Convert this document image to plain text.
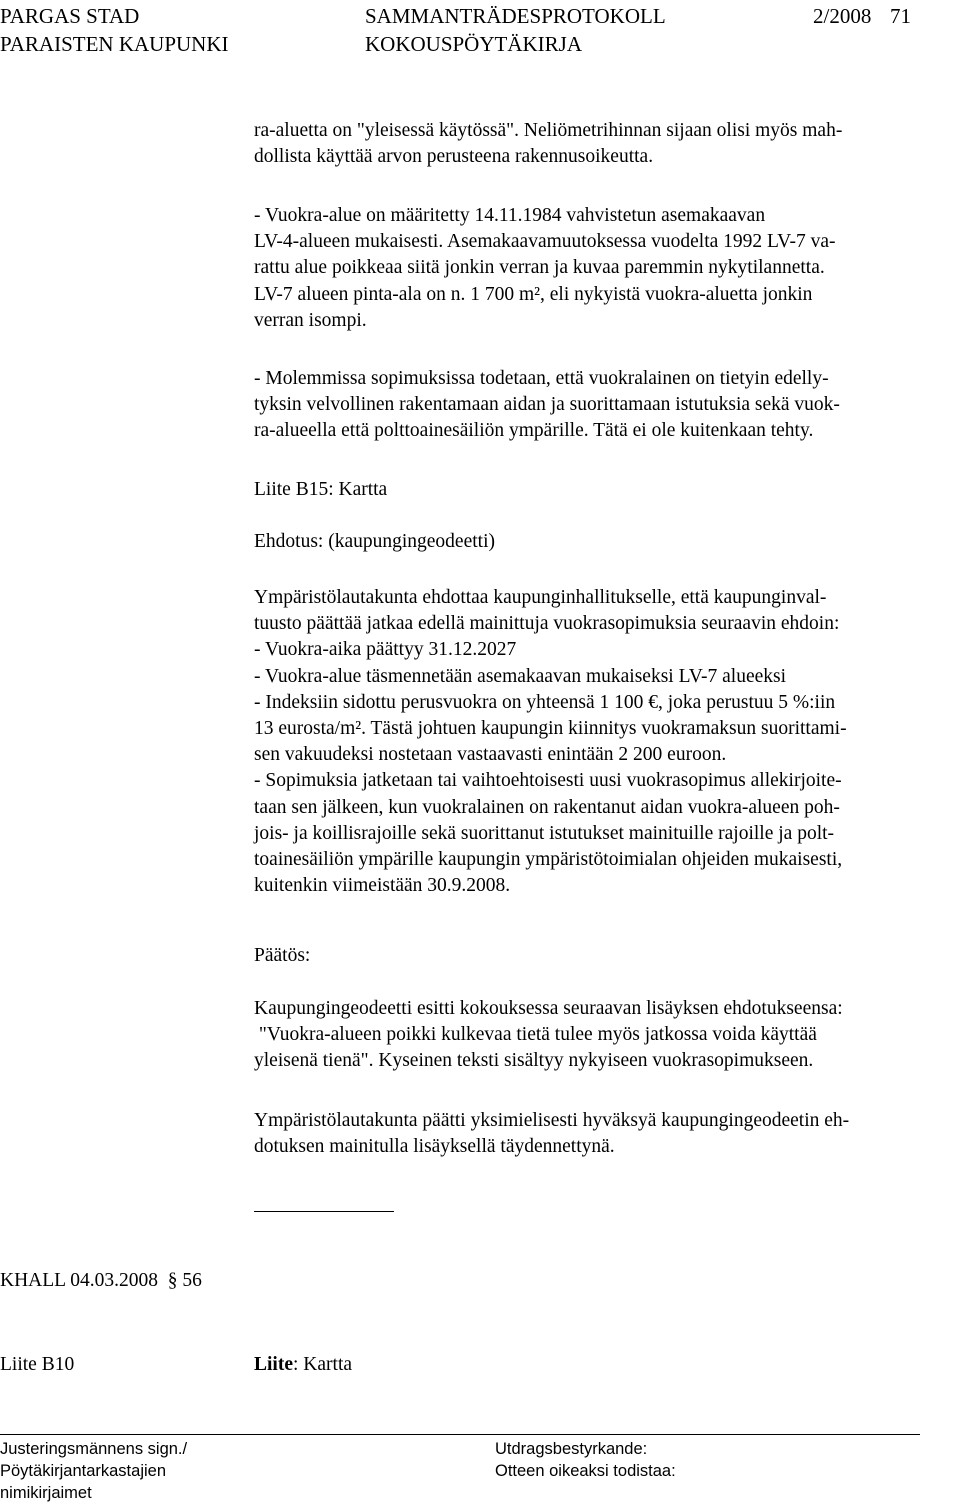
PARGAS STAD
PARAISTEN KAUPUNKI
SAMMANTRÄDESPROTOKOLL
KOKOUSPÖYTÄKIRJA
2/2008 71
ra-aluetta on "yleisessä käytössä". Neliömetrihinnan sijaan olisi myös mah-
dollista käyttää arvon perusteena rakennusoikeutta.
- Vuokra-alue on määritetty 14.11.1984 vahvistetun asemakaavan
LV-4-alueen mukaisesti. Asemakaavamuutoksessa vuodelta 1992 LV-7 va-
rattu alue poikkeaa siitä jonkin verran ja kuvaa paremmin nykytilannetta.
LV-7 alueen pinta-ala on n. 1 700 m², eli nykyistä vuokra-aluetta jonkin
verran isompi.
- Molemmissa sopimuksissa todetaan, että vuokralainen on tietyin edelly-
tyksin velvollinen rakentamaan aidan ja suorittamaan istutuksia sekä vuok-
ra-alueella että polttoainesäiliön ympärille. Tätä ei ole kuitenkaan tehty.
Liite B15: Kartta
Ehdotus: (kaupungingeodeetti)
Ympäristölautakunta ehdottaa kaupunginhallitukselle, että kaupunginval-
tuusto päättää jatkaa edellä mainittuja vuokrasopimuksia seuraavin ehdoin:
- Vuokra-aika päättyy 31.12.2027
- Vuokra-alue täsmennetään asemakaavan mukaiseksi LV-7 alueeksi
- Indeksiin sidottu perusvuokra on yhteensä 1 100 €, joka perustuu 5 %:iin
13 eurosta/m². Tästä johtuen kaupungin kiinnitys vuokramaksun suorittami-
sen vakuudeksi nostetaan vastaavasti enintään 2 200 euroon.
- Sopimuksia jatketaan tai vaihtoehtoisesti uusi vuokrasopimus allekirjoite-
taan sen jälkeen, kun vuokralainen on rakentanut aidan vuokra-alueen poh-
jois- ja koillisrajoille sekä suorittanut istutukset mainituille rajoille ja polt-
toainesäiliön ympärille kaupungin ympäristötoimialan ohjeiden mukaisesti,
kuitenkin viimeistään 30.9.2008.
Päätös:
Kaupungingeodeetti esitti kokouksessa seuraavan lisäyksen ehdotukseensa:
"Vuokra-alueen poikki kulkevaa tietä tulee myös jatkossa voida käyttää
yleisenä tienä". Kyseinen teksti sisältyy nykyiseen vuokrasopimukseen.
Ympäristölautakunta päätti yksimielisesti hyväksyä kaupungingeodeetin eh-
dotuksen mainitulla lisäyksellä täydennettynä.
KHALL 04.03.2008  § 56
Liite B10	Liite: Kartta
Justeringsmännens sign./
Pöytäkirjantarkastajien
nimikirjaimet
Utdragsbestyrkande:
Otteen oikeaksi todistaa:
